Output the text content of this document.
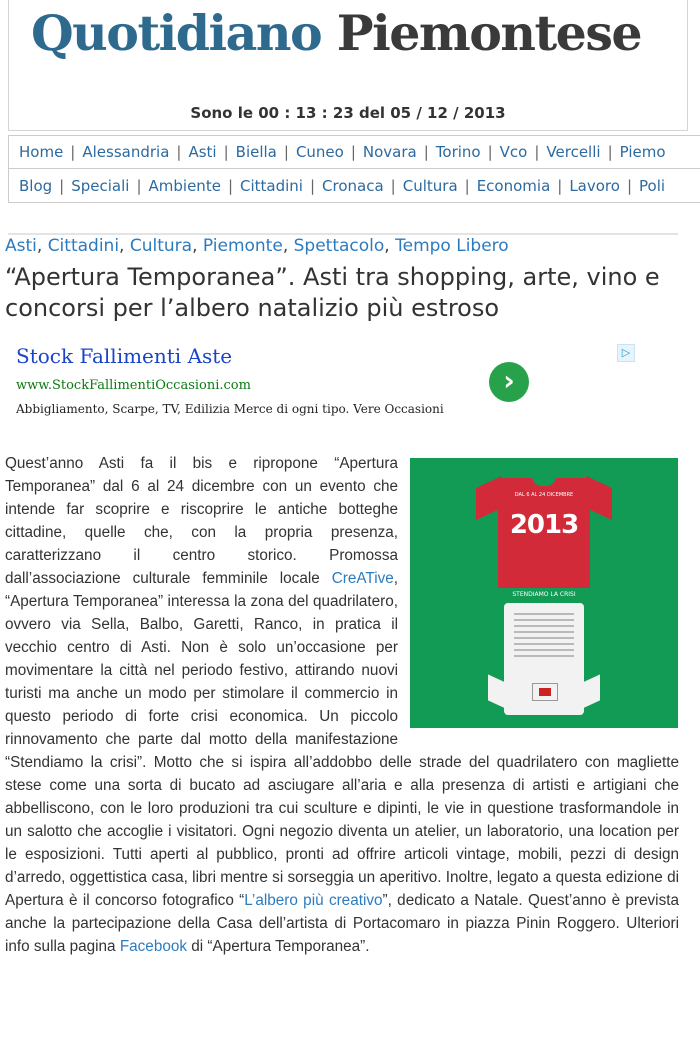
Quotidiano Piemontese
Sono le 00 : 13 : 23 del 05 / 12 / 2013
Home | Alessandria | Asti | Biella | Cuneo | Novara | Torino | Vco | Vercelli | Piemo
Blog | Speciali | Ambiente | Cittadini | Cronaca | Cultura | Economia | Lavoro | Poli
Asti, Cittadini, Cultura, Piemonte, Spettacolo, Tempo Libero
“Apertura Temporanea”. Asti tra shopping, arte, vino e concorsi per l’albero natalizio più estroso
Stock Fallimenti Aste
www.StockFallimentiOccasioni.com
Abbigliamento, Scarpe, TV, Edilizia Merce di ogni tipo. Vere Occasioni
›
▷
DAL 6 AL 24 DICEMBRE
2013
STENDIAMO LA CRISI

Quest’anno Asti fa il bis e ripropone “Apertura Temporanea” dal 6 al 24 dicembre con un evento che intende far scoprire e riscoprire le antiche botteghe cittadine, quelle che, con la propria presenza, caratterizzano il centro storico. Promossa dall’associazione culturale femminile locale CreATive, “Apertura Temporanea” interessa la zona del quadrilatero, ovvero via Sella, Balbo, Garetti, Ranco, in pratica il vecchio centro di Asti. Non è solo un’occasione per movimentare la città nel periodo festivo, attirando nuovi turisti ma anche un modo per stimolare il commercio in questo periodo di forte crisi economica. Un piccolo rinnovamento che parte dal motto della manifestazione “Stendiamo la crisi”. Motto che si ispira all’addobbo delle strade del quadrilatero con magliette stese come una sorta di bucato ad asciugare all’aria e alla presenza di artisti e artigiani che abbelliscono, con le loro produzioni tra cui sculture e dipinti, le vie in questione trasformandole in un salotto che accoglie i visitatori. Ogni negozio diventa un atelier, un laboratorio, una location per le esposizioni. Tutti aperti al pubblico, pronti ad offrire articoli vintage, mobili, pezzi di design d’arredo, oggettistica casa, libri mentre si sorseggia un aperitivo. Inoltre, legato a questa edizione di Apertura è il concorso fotografico “L’albero più creativo”, dedicato a Natale. Quest’anno è prevista anche la partecipazione della Casa dell’artista di Portacomaro in piazza Pinin Roggero. Ulteriori info sulla pagina Facebook di “Apertura Temporanea”.
